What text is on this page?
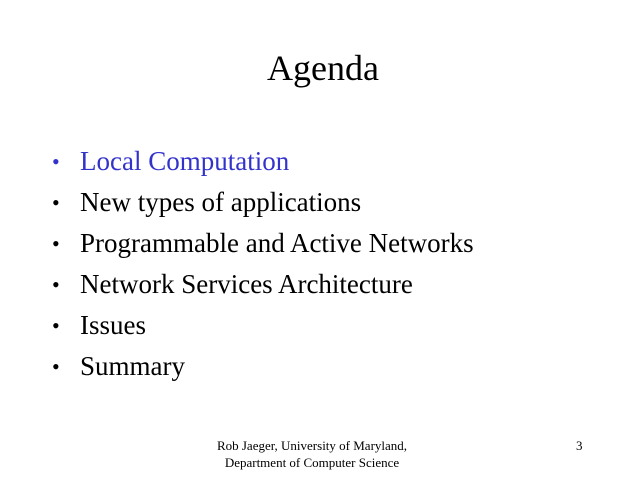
Agenda
• Local Computation
• New types of applications
• Programmable and Active Networks
• Network Services Architecture
• Issues
• Summary
Rob Jaeger, University of Maryland,
Department of Computer Science
3
